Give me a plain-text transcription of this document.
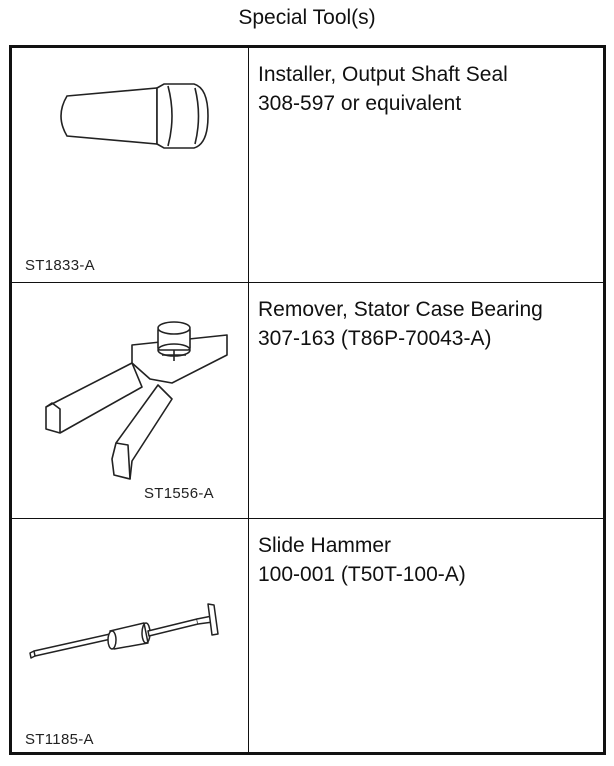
Special Tool(s)
ST1833-A	Installer, Output Shaft Seal
308-597 or equivalent

ST1556-A	Remover, Stator Case Bearing
307-163 (T86P-70043-A)

ST1185-A	Slide Hammer
100-001 (T50T-100-A)
